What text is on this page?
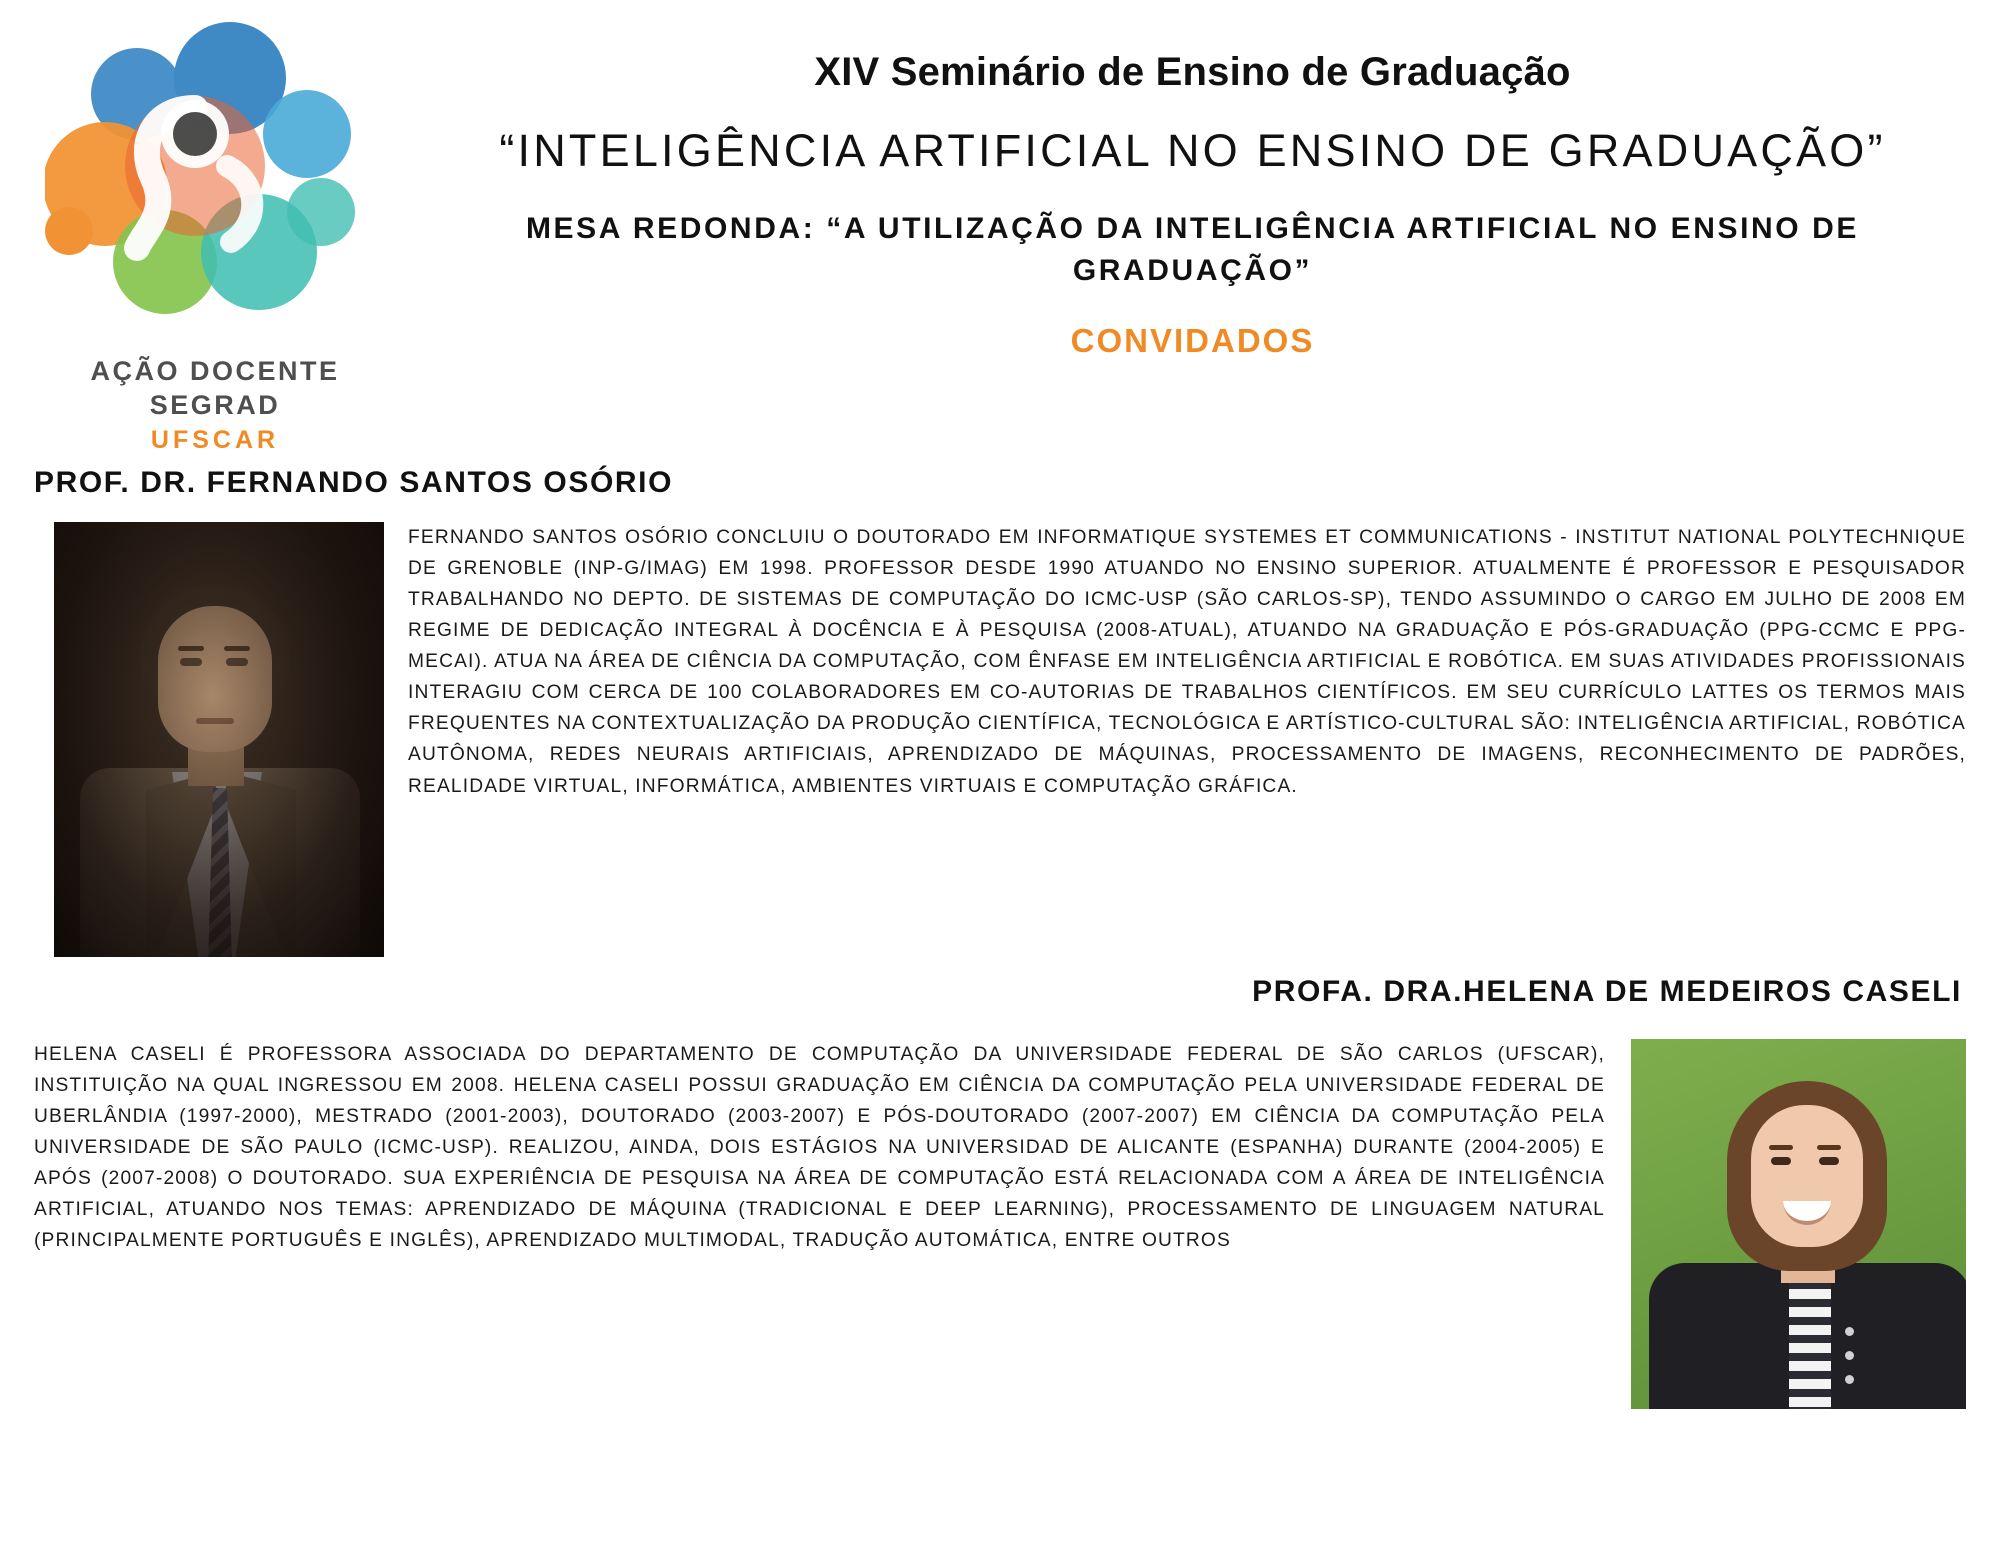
AÇÃO DOCENTE
SEGRAD
UFSCAR
XIV Seminário de Ensino de Graduação
“INTELIGÊNCIA ARTIFICIAL NO ENSINO DE GRADUAÇÃO”
MESA REDONDA: “A UTILIZAÇÃO DA INTELIGÊNCIA ARTIFICIAL NO ENSINO DE GRADUAÇÃO”
CONVIDADOS
PROF. DR. FERNANDO SANTOS OSÓRIO
FERNANDO SANTOS OSÓRIO CONCLUIU O DOUTORADO EM INFORMATIQUE SYSTEMES ET COMMUNICATIONS - INSTITUT NATIONAL POLYTECHNIQUE DE GRENOBLE (INP-G/IMAG) EM 1998. PROFESSOR DESDE 1990 ATUANDO NO ENSINO SUPERIOR. ATUALMENTE É PROFESSOR E PESQUISADOR TRABALHANDO NO DEPTO. DE SISTEMAS DE COMPUTAÇÃO DO ICMC-USP (SÃO CARLOS-SP), TENDO ASSUMINDO O CARGO EM JULHO DE 2008 EM REGIME DE DEDICAÇÃO INTEGRAL À DOCÊNCIA E À PESQUISA (2008-ATUAL), ATUANDO NA GRADUAÇÃO E PÓS-GRADUAÇÃO (PPG-CCMC E PPG-MECAI). ATUA NA ÁREA DE CIÊNCIA DA COMPUTAÇÃO, COM ÊNFASE EM INTELIGÊNCIA ARTIFICIAL E ROBÓTICA. EM SUAS ATIVIDADES PROFISSIONAIS INTERAGIU COM CERCA DE 100 COLABORADORES EM CO-AUTORIAS DE TRABALHOS CIENTÍFICOS. EM SEU CURRÍCULO LATTES OS TERMOS MAIS FREQUENTES NA CONTEXTUALIZAÇÃO DA PRODUÇÃO CIENTÍFICA, TECNOLÓGICA E ARTÍSTICO-CULTURAL SÃO: INTELIGÊNCIA ARTIFICIAL, ROBÓTICA AUTÔNOMA, REDES NEURAIS ARTIFICIAIS, APRENDIZADO DE MÁQUINAS, PROCESSAMENTO DE IMAGENS, RECONHECIMENTO DE PADRÕES, REALIDADE VIRTUAL, INFORMÁTICA, AMBIENTES VIRTUAIS E COMPUTAÇÃO GRÁFICA.
PROFA. DRA.HELENA DE MEDEIROS CASELI
HELENA CASELI É PROFESSORA ASSOCIADA DO DEPARTAMENTO DE COMPUTAÇÃO DA UNIVERSIDADE FEDERAL DE SÃO CARLOS (UFSCAR), INSTITUIÇÃO NA QUAL INGRESSOU EM 2008. HELENA CASELI POSSUI GRADUAÇÃO EM CIÊNCIA DA COMPUTAÇÃO PELA UNIVERSIDADE FEDERAL DE UBERLÂNDIA (1997-2000), MESTRADO (2001-2003), DOUTORADO (2003-2007) E PÓS-DOUTORADO (2007-2007) EM CIÊNCIA DA COMPUTAÇÃO PELA UNIVERSIDADE DE SÃO PAULO (ICMC-USP). REALIZOU, AINDA, DOIS ESTÁGIOS NA UNIVERSIDAD DE ALICANTE (ESPANHA) DURANTE (2004-2005) E APÓS (2007-2008) O DOUTORADO. SUA EXPERIÊNCIA DE PESQUISA NA ÁREA DE COMPUTAÇÃO ESTÁ RELACIONADA COM A ÁREA DE INTELIGÊNCIA ARTIFICIAL, ATUANDO NOS TEMAS: APRENDIZADO DE MÁQUINA (TRADICIONAL E DEEP LEARNING), PROCESSAMENTO DE LINGUAGEM NATURAL (PRINCIPALMENTE PORTUGUÊS E INGLÊS), APRENDIZADO MULTIMODAL, TRADUÇÃO AUTOMÁTICA, ENTRE OUTROS
